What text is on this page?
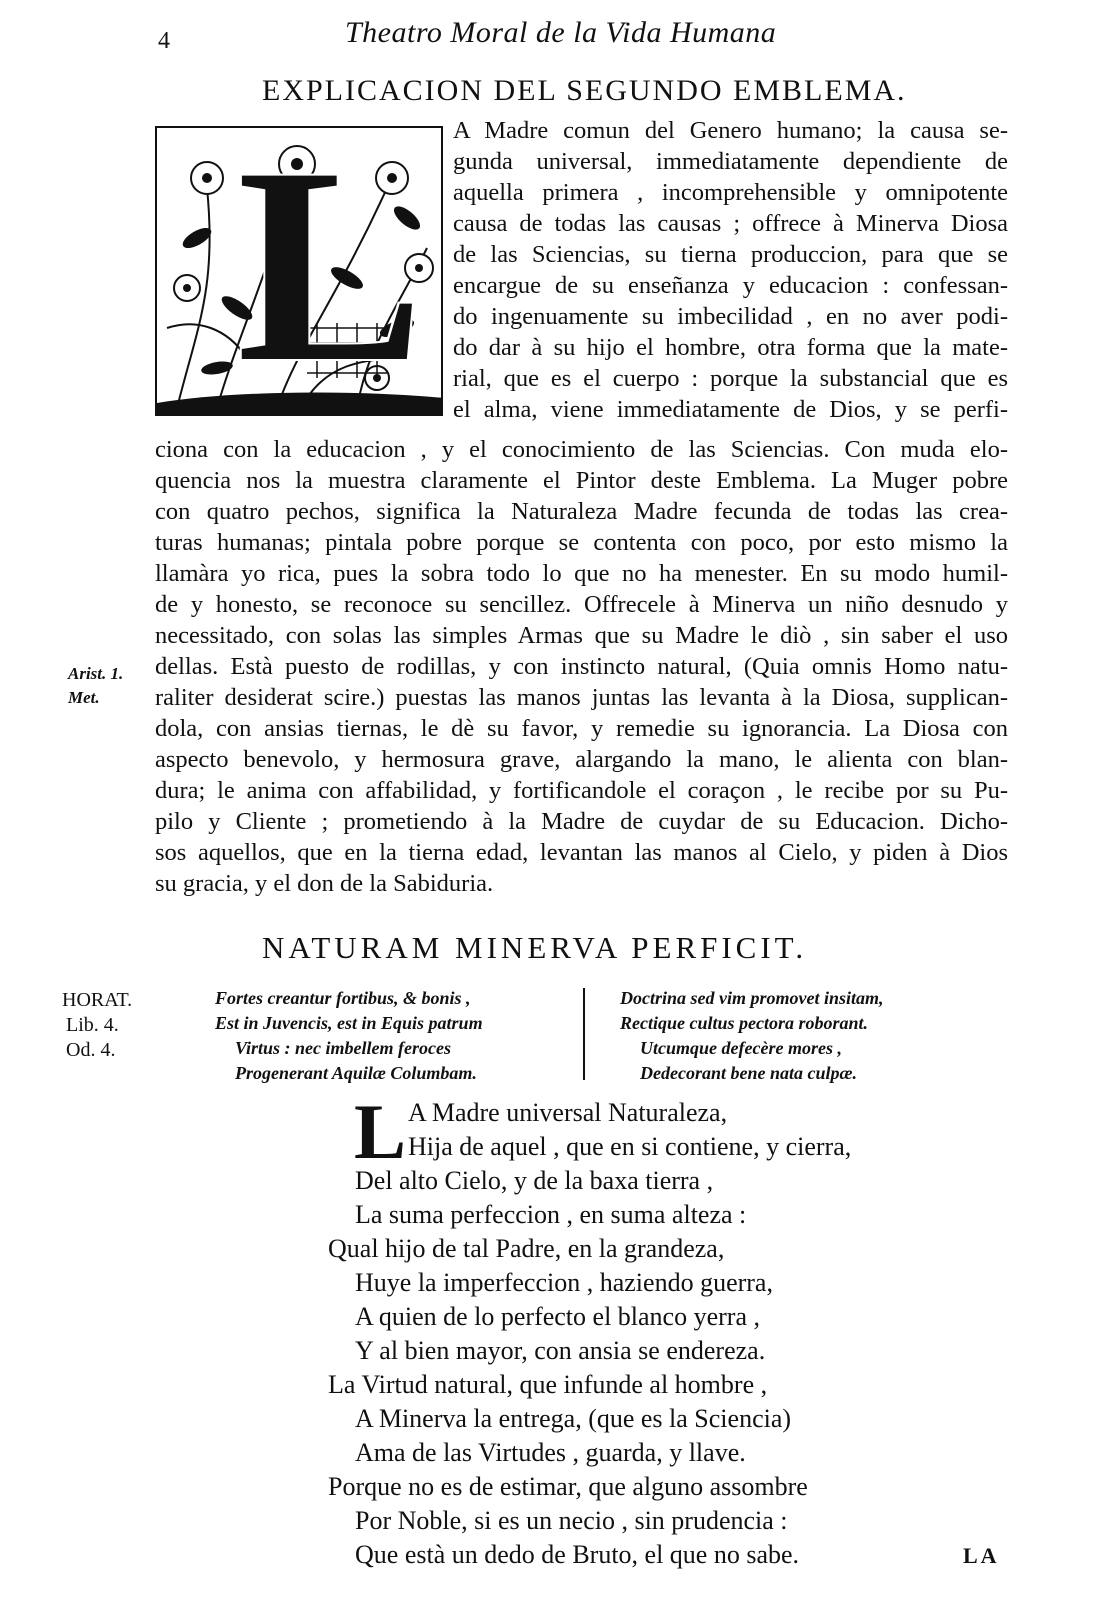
4	Theatro Moral de la Vida Humana
EXPLICACION DEL SEGUNDO EMBLEMA.
L A Madre comun del Genero humano; la causa se-
gunda universal, immediatamente dependiente de
aquella primera , incomprehensible y omnipotente
causa de todas las causas ; offrece à Minerva Diosa
de las Sciencias, su tierna produccion, para que se
encargue de su enseñanza y educacion : confessan-
do ingenuamente su imbecilidad , en no aver podi-
do dar à su hijo el hombre, otra forma que la mate-
rial, que es el cuerpo : porque la substancial que es
el alma, viene immediatamente de Dios, y se perfi-
ciona con la educacion , y el conocimiento de las Sciencias. Con muda elo-
quencia nos la muestra claramente el Pintor deste Emblema. La Muger pobre
con quatro pechos, significa la Naturaleza Madre fecunda de todas las crea-
turas humanas; pintala pobre porque se contenta con poco, por esto mismo la
llamàra yo rica, pues la sobra todo lo que no ha menester. En su modo humil-
de y honesto, se reconoce su sencillez. Offrecele à Minerva un niño desnudo y
necessitado, con solas las simples Armas que su Madre le diò , sin saber el uso
dellas. Està puesto de rodillas, y con instincto natural, (Quia omnis Homo natu-
raliter desiderat scire.) puestas las manos juntas las levanta à la Diosa, supplican-
dola, con ansias tiernas, le dè su favor, y remedie su ignorancia. La Diosa con
aspecto benevolo, y hermosura grave, alargando la mano, le alienta con blan-
dura; le anima con affabilidad, y fortificandole el coraçon , le recibe por su Pu-
pilo y Cliente ; prometiendo à la Madre de cuydar de su Educacion. Dicho-
sos aquellos, que en la tierna edad, levantan las manos al Cielo, y piden à Dios
su gracia, y el don de la Sabiduria.
Arist. 1.
Met.
NATURAM MINERVA PERFICIT.
HORAT.
Lib. 4.
Od. 4.
Fortes creantur fortibus, & bonis ,
Est in Juvencis, est in Equis patrum
Virtus : nec imbellem feroces
Progenerant Aquilæ Columbam.
Doctrina sed vim promovet insitam,
Rectique cultus pectora roborant.
Utcumque defecère mores ,
Dedecorant bene nata culpæ.
L A Madre universal Naturaleza,
Hija de aquel , que en si contiene, y cierra,
Del alto Cielo, y de la baxa tierra ,
La suma perfeccion , en suma alteza :
Qual hijo de tal Padre, en la grandeza,
Huye la imperfeccion , haziendo guerra,
A quien de lo perfecto el blanco yerra ,
Y al bien mayor, con ansia se endereza.
La Virtud natural, que infunde al hombre ,
A Minerva la entrega, (que es la Sciencia)
Ama de las Virtudes , guarda, y llave.
Porque no es de estimar, que alguno assombre
Por Noble, si es un necio , sin prudencia :
Que està un dedo de Bruto, el que no sabe.	LA
